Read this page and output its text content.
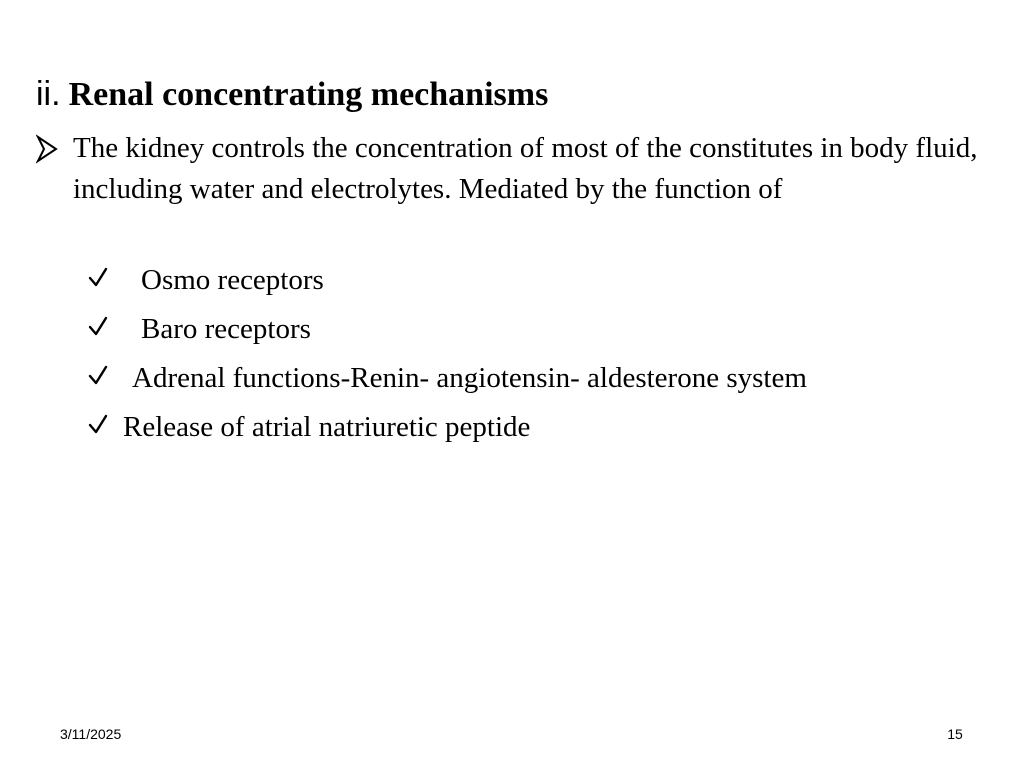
ii. Renal concentrating mechanisms

The kidney controls the concentration of most of the constitutes in body fluid, including water and electrolytes. Mediated by the function of

Osmo receptors
Baro receptors
Adrenal functions-Renin- angiotensin- aldesterone system
Release of atrial natriuretic peptide
3/11/2025	15
